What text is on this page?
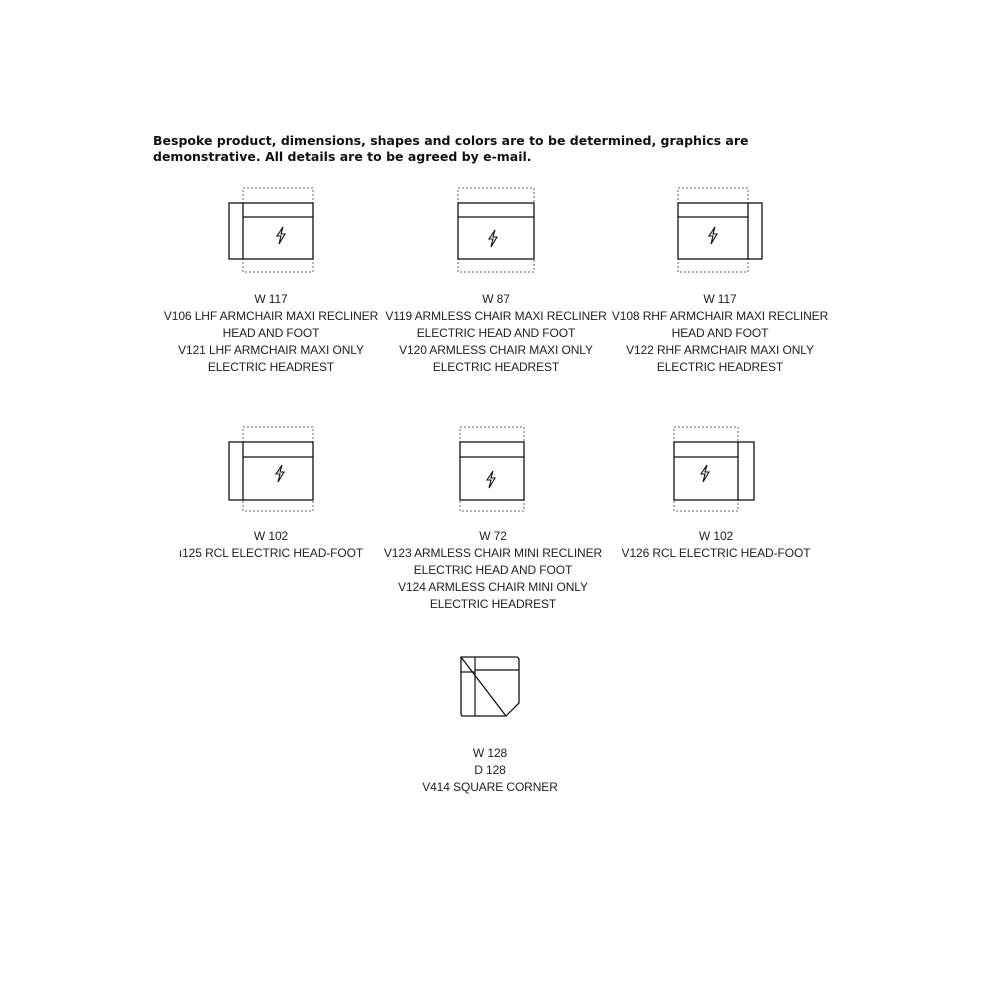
Bespoke product, dimensions, shapes and colors are to be determined, graphics are
demonstrative. All details are to be agreed by e-mail.
W 117
V106 LHF ARMCHAIR MAXI RECLINER
HEAD AND FOOT
V121 LHF ARMCHAIR MAXI ONLY
ELECTRIC HEADREST
W 87
V119 ARMLESS CHAIR MAXI RECLINER
ELECTRIC HEAD AND FOOT
V120 ARMLESS CHAIR MAXI ONLY
ELECTRIC HEADREST
W 117
V108 RHF ARMCHAIR MAXI RECLINER
HEAD AND FOOT
V122 RHF ARMCHAIR MAXI ONLY
ELECTRIC HEADREST
W 102
ı125 RCL ELECTRIC HEAD-FOOT
W 72
V123 ARMLESS CHAIR MINI RECLINER
ELECTRIC HEAD AND FOOT
V124 ARMLESS CHAIR MINI ONLY
ELECTRIC HEADREST
W 102
V126 RCL ELECTRIC HEAD-FOOT
W 128
D 128
V414 SQUARE CORNER
